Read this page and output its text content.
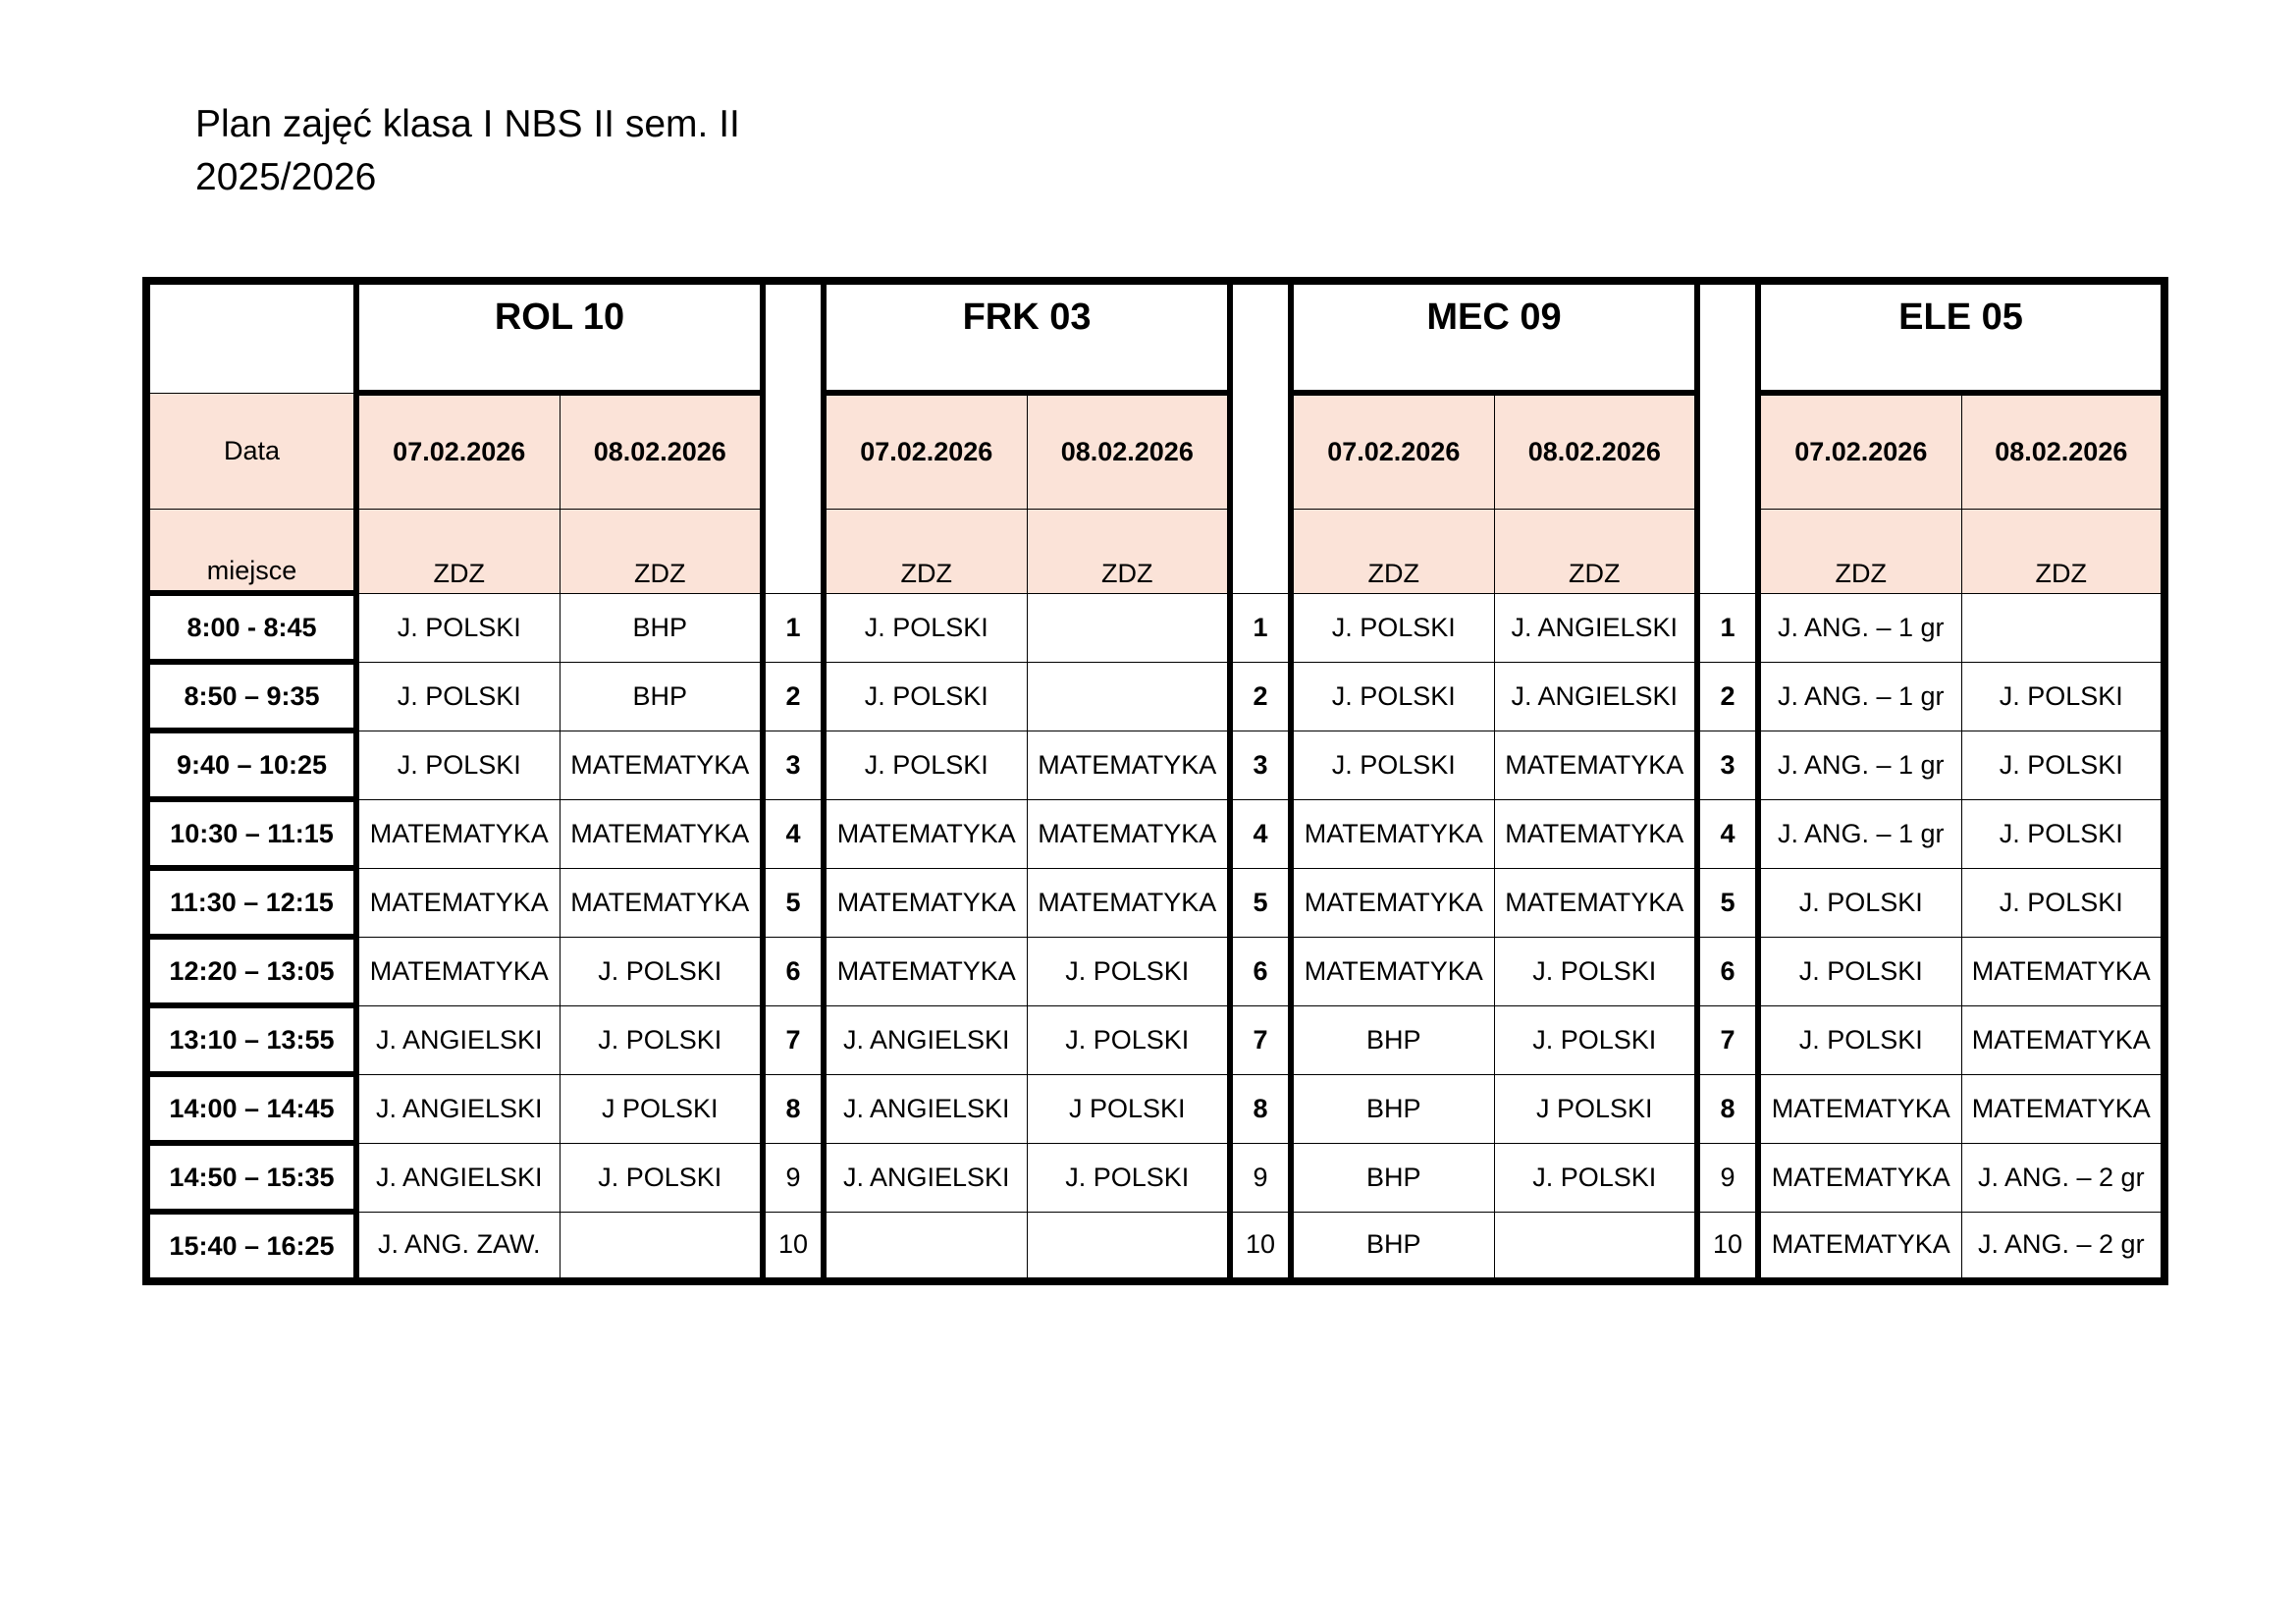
Plan zajęć klasa I NBS II sem. II
2025/2026
	ROL 10			FRK 03			MEC 09			ELE 05	
Data	07.02.2026	08.02.2026		07.02.2026	08.02.2026		07.02.2026	08.02.2026		07.02.2026	08.02.2026
miejsce	ZDZ	ZDZ		ZDZ	ZDZ		ZDZ	ZDZ		ZDZ	ZDZ
8:00 - 8:45	J. POLSKI	BHP	1	J. POLSKI		1	J. POLSKI	J. ANGIELSKI	1	J. ANG. – 1 gr	
8:50 – 9:35	J. POLSKI	BHP	2	J. POLSKI		2	J. POLSKI	J. ANGIELSKI	2	J. ANG. – 1 gr	J. POLSKI
9:40 – 10:25	J. POLSKI	MATEMATYKA	3	J. POLSKI	MATEMATYKA	3	J. POLSKI	MATEMATYKA	3	J. ANG. – 1 gr	J. POLSKI
10:30 – 11:15	MATEMATYKA	MATEMATYKA	4	MATEMATYKA	MATEMATYKA	4	MATEMATYKA	MATEMATYKA	4	J. ANG. – 1 gr	J. POLSKI
11:30 – 12:15	MATEMATYKA	MATEMATYKA	5	MATEMATYKA	MATEMATYKA	5	MATEMATYKA	MATEMATYKA	5	J. POLSKI	J. POLSKI
12:20 – 13:05	MATEMATYKA	J. POLSKI	6	MATEMATYKA	J. POLSKI	6	MATEMATYKA	J. POLSKI	6	J. POLSKI	MATEMATYKA
13:10 – 13:55	J. ANGIELSKI	J. POLSKI	7	J. ANGIELSKI	J. POLSKI	7	BHP	J. POLSKI	7	J. POLSKI	MATEMATYKA
14:00 – 14:45	J. ANGIELSKI	J POLSKI	8	J. ANGIELSKI	J POLSKI	8	BHP	J POLSKI	8	MATEMATYKA	MATEMATYKA
14:50 – 15:35	J. ANGIELSKI	J. POLSKI	9	J. ANGIELSKI	J. POLSKI	9	BHP	J. POLSKI	9	MATEMATYKA	J. ANG. – 2 gr
15:40 – 16:25	J. ANG. ZAW.		10			10	BHP		10	MATEMATYKA	J. ANG. – 2 gr
